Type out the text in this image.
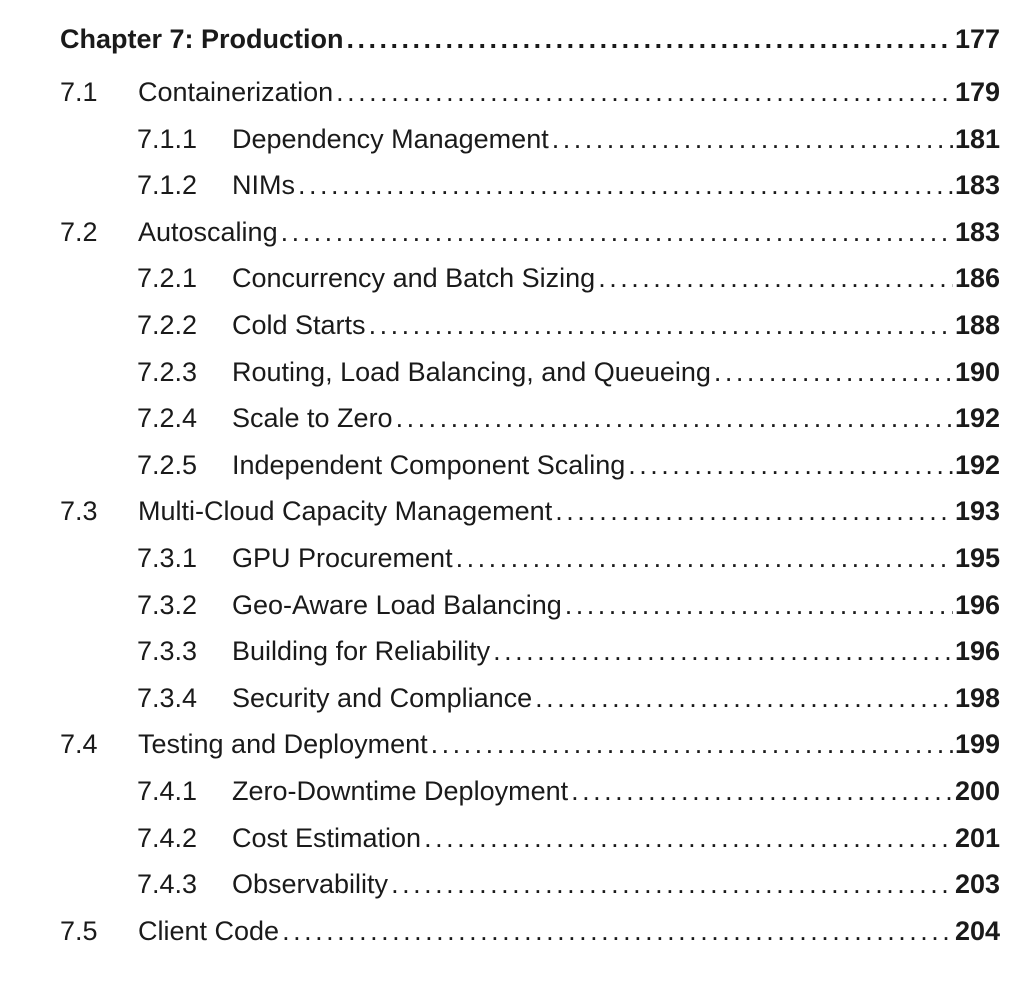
Chapter 7: Production . . .	177
7.1	Containerization . . .	179
7.1.1	Dependency Management . . .	181
7.1.2	NIMs . . .	183
7.2	Autoscaling . . .	183
7.2.1	Concurrency and Batch Sizing . . .	186
7.2.2	Cold Starts . . .	188
7.2.3	Routing, Load Balancing, and Queueing . . .	190
7.2.4	Scale to Zero . . .	192
7.2.5	Independent Component Scaling . . .	192
7.3	Multi-Cloud Capacity Management . . .	193
7.3.1	GPU Procurement . . .	195
7.3.2	Geo-Aware Load Balancing . . .	196
7.3.3	Building for Reliability . . .	196
7.3.4	Security and Compliance . . .	198
7.4	Testing and Deployment . . .	199
7.4.1	Zero-Downtime Deployment . . .	200
7.4.2	Cost Estimation . . .	201
7.4.3	Observability . . .	203
7.5	Client Code . . .	204
